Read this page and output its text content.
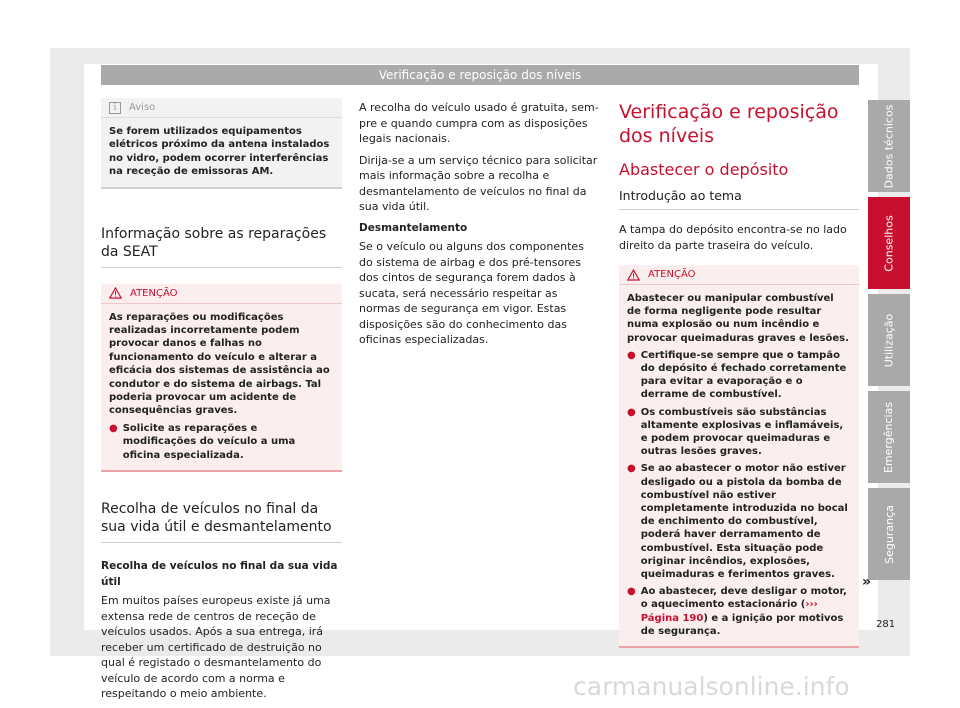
Verificação e reposição dos níveis
i	Aviso
Se forem utilizados equipamentos elétricos próximo da antena instalados no vidro, podem ocorrer interferências na receção de emissoras AM.
Informação sobre as reparações da SEAT
ATENÇÃO

As reparações ou modificações realizadas incorretamente podem provocar danos e falhas no funcionamento do veículo e alterar a eficácia dos sistemas de assistência ao condutor e do sistema de airbags. Tal poderia provocar um acidente de consequências graves.

● Solicite as reparações e modificações do veículo a uma oficina especializada.
Recolha de veículos no final da sua vida útil e desmantelamento

Recolha de veículos no final da sua vida útil

Em muitos países europeus existe já uma extensa rede de centros de receção de veículos usados. Após a sua entrega, irá receber um certificado de destruição no qual é registado o desmantelamento do veículo de acordo com a norma e respeitando o meio ambiente.

A recolha do veículo usado é gratuita, sempre e quando cumpra com as disposições legais nacionais.

Dirija-se a um serviço técnico para solicitar mais informação sobre a recolha e desmantelamento de veículos no final da sua vida útil.

Desmantelamento

Se o veículo ou alguns dos componentes do sistema de airbag e dos pré-tensores dos cintos de segurança forem dados à sucata, será necessário respeitar as normas de segurança em vigor. Estas disposições são do conhecimento das oficinas especializadas.

Verificação e reposição dos níveis
Abastecer o depósito
Introdução ao tema

A tampa do depósito encontra-se no lado direito da parte traseira do veículo.

ATENÇÃO

Abastecer ou manipular combustível de forma negligente pode resultar numa explosão ou num incêndio e provocar queimaduras graves e lesões.

● Certifique-se sempre que o tampão do depósito é fechado corretamente para evitar a evaporação e o derrame de combustível.
● Os combustíveis são substâncias altamente explosivas e inflamáveis, e podem provocar queimaduras e outras lesões graves.
● Se ao abastecer o motor não estiver desligado ou a pistola da bomba de combustível não estiver completamente introduzida no bocal de enchimento do combustível, poderá haver derramamento de combustível. Esta situação pode originar incêndios, explosões, queimaduras e ferimentos graves.
● Ao abastecer, deve desligar o motor, o aquecimento estacionário (››› Página 190) e a ignição por motivos de segurança.
Dados técnicos
Conselhos
Utilização
Emergências
Segurança
»
281
carmanualsonline.info
